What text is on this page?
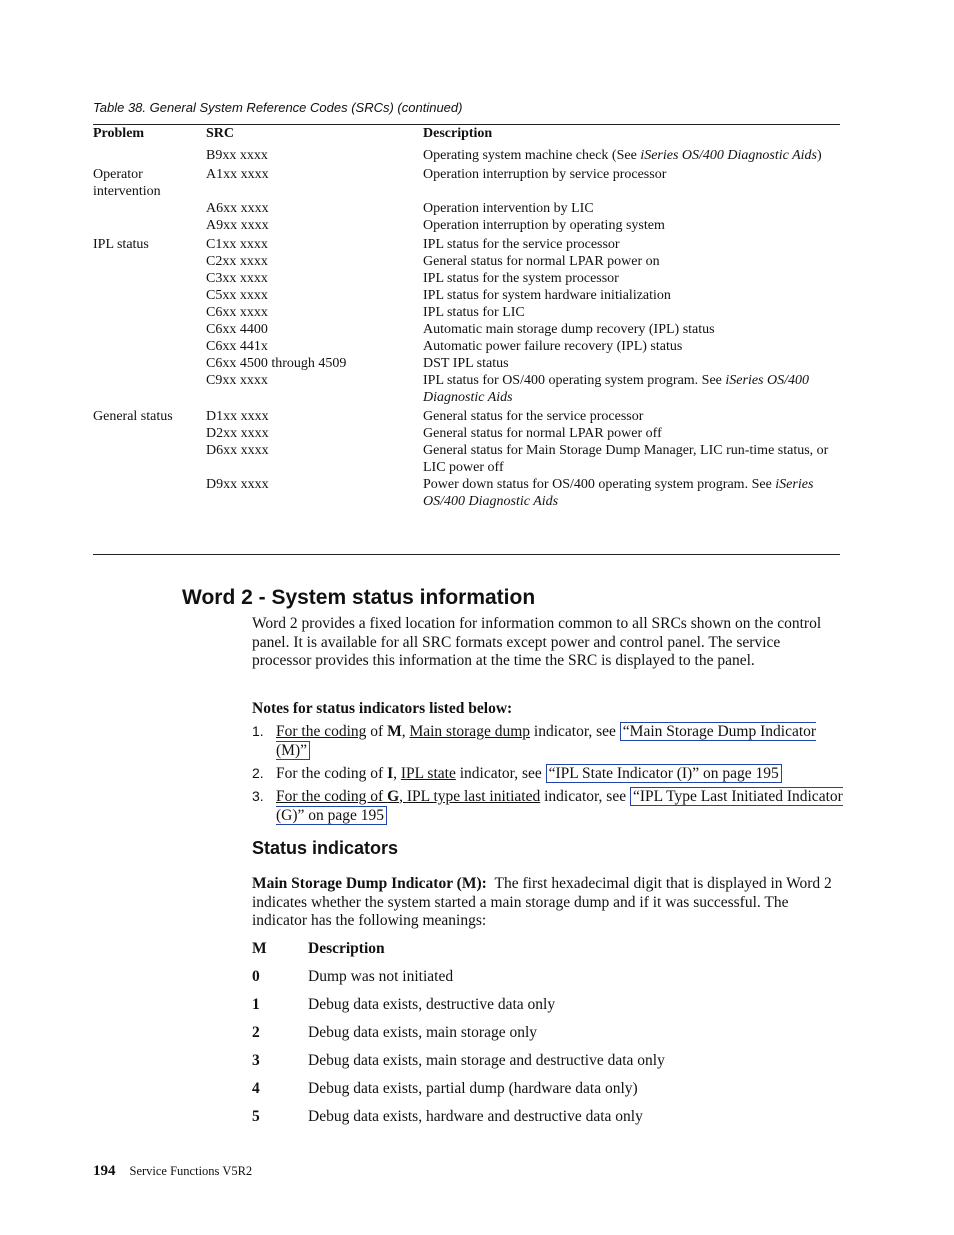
Table 38. General System Reference Codes (SRCs) (continued)
Problem	SRC	Description
	B9xx xxxx	Operating system machine check (See iSeries OS/400 Diagnostic Aids)
Operator intervention	A1xx xxxx	Operation interruption by service processor
	A6xx xxxx	Operation intervention by LIC
	A9xx xxxx	Operation interruption by operating system
IPL status	C1xx xxxx	IPL status for the service processor
	C2xx xxxx	General status for normal LPAR power on
	C3xx xxxx	IPL status for the system processor
	C5xx xxxx	IPL status for system hardware initialization
	C6xx xxxx	IPL status for LIC
	C6xx 4400	Automatic main storage dump recovery (IPL) status
	C6xx 441x	Automatic power failure recovery (IPL) status
	C6xx 4500 through 4509	DST IPL status
	C9xx xxxx	IPL status for OS/400 operating system program. See iSeries OS/400 Diagnostic Aids
General status	D1xx xxxx	General status for the service processor
	D2xx xxxx	General status for normal LPAR power off
	D6xx xxxx	General status for Main Storage Dump Manager, LIC run-time status, or LIC power off
	D9xx xxxx	Power down status for OS/400 operating system program. See iSeries OS/400 Diagnostic Aids
Word 2 - System status information
Word 2 provides a fixed location for information common to all SRCs shown on the control panel. It is available for all SRC formats except power and control panel. The service processor provides this information at the time the SRC is displayed to the panel.
Notes for status indicators listed below:
1. For the coding of M, Main storage dump indicator, see “Main Storage Dump Indicator (M)”
2. For the coding of I, IPL state indicator, see “IPL State Indicator (I)” on page 195
3. For the coding of G, IPL type last initiated indicator, see “IPL Type Last Initiated Indicator (G)” on page 195
Status indicators
Main Storage Dump Indicator (M): The first hexadecimal digit that is displayed in Word 2 indicates whether the system started a main storage dump and if it was successful. The indicator has the following meanings:
M	Description
0	Dump was not initiated
1	Debug data exists, destructive data only
2	Debug data exists, main storage only
3	Debug data exists, main storage and destructive data only
4	Debug data exists, partial dump (hardware data only)
5	Debug data exists, hardware and destructive data only
194 Service Functions V5R2
